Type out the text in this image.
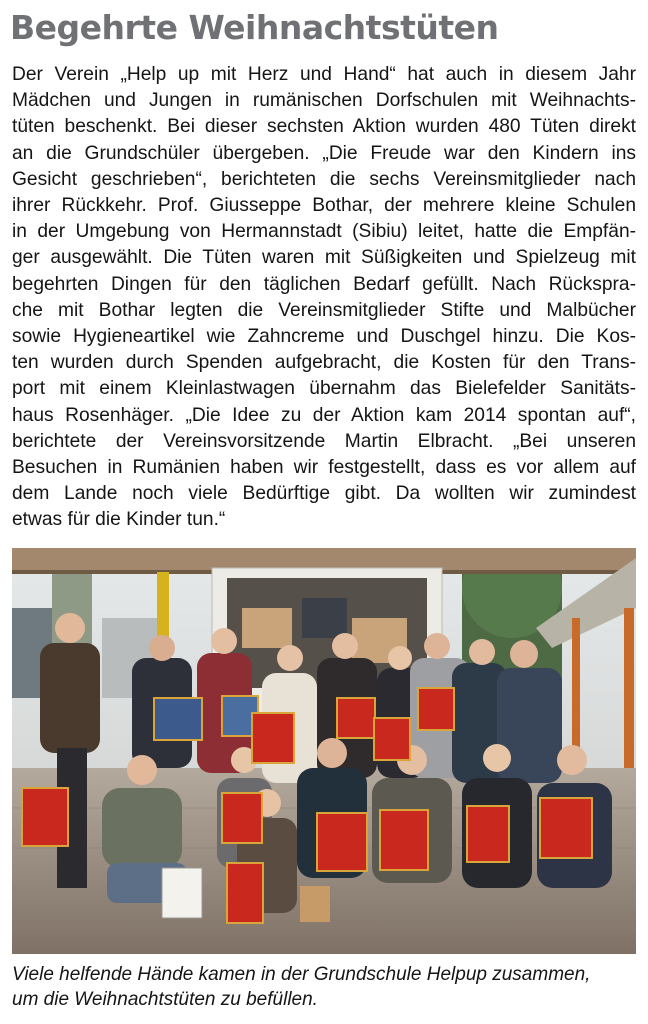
Begehrte Weihnachtstüten
Der Verein „Help up mit Herz und Hand“ hat auch in diesem Jahr
Mädchen und Jungen in rumänischen Dorfschulen mit Weihnachts-
tüten beschenkt. Bei dieser sechsten Aktion wurden 480 Tüten direkt
an die Grundschüler übergeben. „Die Freude war den Kindern ins
Gesicht geschrieben“, berichteten die sechs Vereinsmitglieder nach
ihrer Rückkehr. Prof. Giusseppe Bothar, der mehrere kleine Schulen
in der Umgebung von Hermannstadt (Sibiu) leitet, hatte die Empfän-
ger ausgewählt. Die Tüten waren mit Süßigkeiten und Spielzeug mit
begehrten Dingen für den täglichen Bedarf gefüllt. Nach Rückspra-
che mit Bothar legten die Vereinsmitglieder Stifte und Malbücher
sowie Hygieneartikel wie Zahncreme und Duschgel hinzu. Die Kos-
ten wurden durch Spenden aufgebracht, die Kosten für den Trans-
port mit einem Kleinlastwagen übernahm das Bielefelder Sanitäts-
haus Rosenhäger. „Die Idee zu der Aktion kam 2014 spontan auf“,
berichtete der Vereinsvorsitzende Martin Elbracht. „Bei unseren
Besuchen in Rumänien haben wir festgestellt, dass es vor allem auf
dem Lande noch viele Bedürftige gibt. Da wollten wir zumindest
etwas für die Kinder tun.“
Viele helfende Hände kamen in der Grundschule Helpup zusammen,
um die Weihnachtstüten zu befüllen.
